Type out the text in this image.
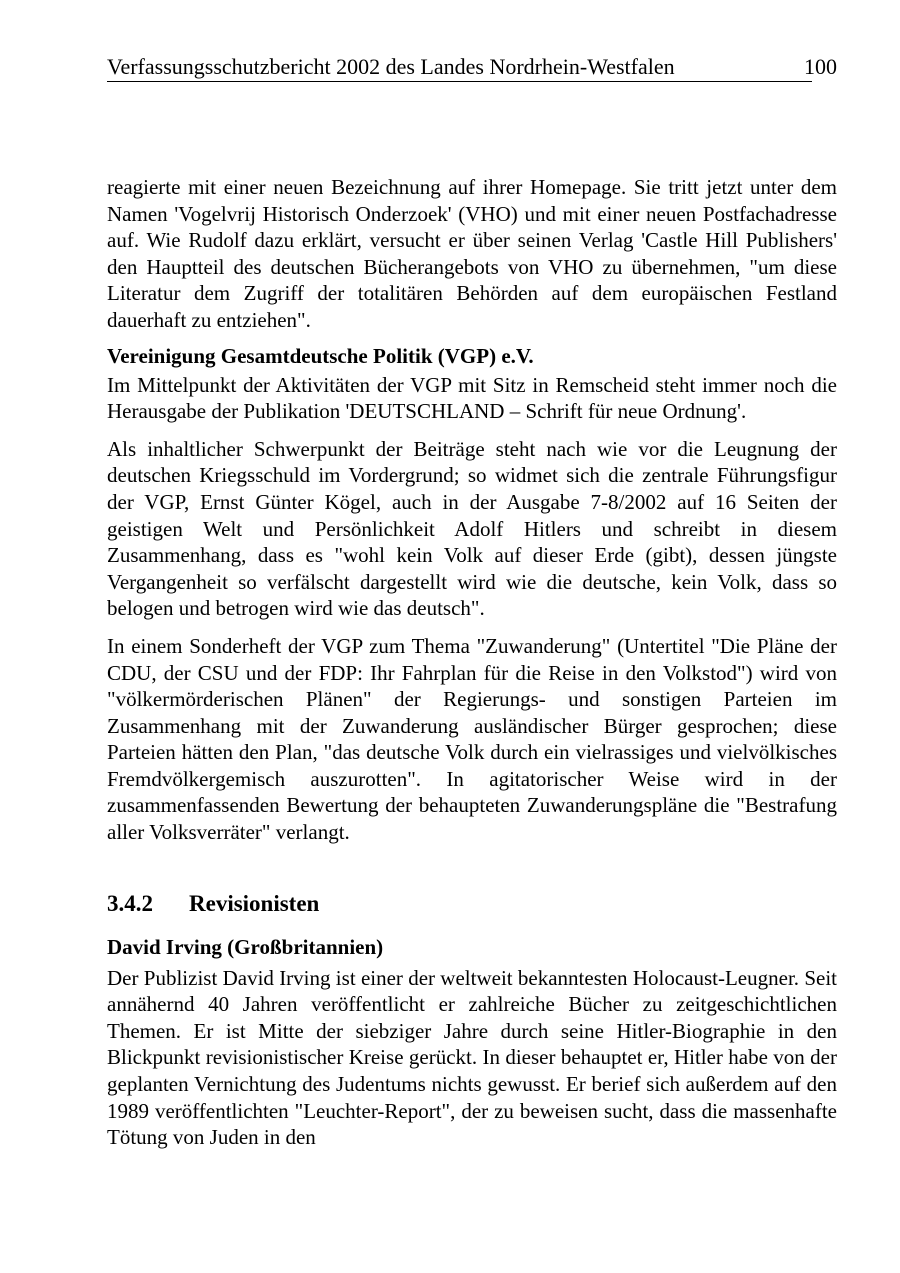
Verfassungsschutzbericht 2002 des Landes Nordrhein-Westfalen	100

reagierte mit einer neuen Bezeichnung auf ihrer Homepage. Sie tritt jetzt unter dem Namen 'Vogelvrij Historisch Onderzoek' (VHO) und mit einer neuen Postfachadresse auf. Wie Rudolf dazu erklärt, versucht er über seinen Verlag 'Castle Hill Publishers' den Hauptteil des deutschen Bücherangebots von VHO zu übernehmen, "um diese Literatur dem Zugriff der totalitären Behörden auf dem europäischen Festland dauerhaft zu entziehen".

Vereinigung Gesamtdeutsche Politik (VGP) e.V.

Im Mittelpunkt der Aktivitäten der VGP mit Sitz in Remscheid steht immer noch die Herausgabe der Publikation 'DEUTSCHLAND – Schrift für neue Ordnung'.

Als inhaltlicher Schwerpunkt der Beiträge steht nach wie vor die Leugnung der deutschen Kriegsschuld im Vordergrund; so widmet sich die zentrale Führungsfigur der VGP, Ernst Günter Kögel, auch in der Ausgabe 7-8/2002 auf 16 Seiten der geistigen Welt und Persönlichkeit Adolf Hitlers und schreibt in diesem Zusammenhang, dass es "wohl kein Volk auf dieser Erde (gibt), dessen jüngste Vergangenheit so verfälscht dargestellt wird wie die deutsche, kein Volk, dass so belogen und betrogen wird wie das deutsch".

In einem Sonderheft der VGP zum Thema "Zuwanderung" (Untertitel "Die Pläne der CDU, der CSU und der FDP: Ihr Fahrplan für die Reise in den Volkstod") wird von "völkermörderischen Plänen" der Regierungs- und sonstigen Parteien im Zusammenhang mit der Zuwanderung ausländischer Bürger gesprochen; diese Parteien hätten den Plan, "das deutsche Volk durch ein vielrassiges und vielvölkisches Fremdvölkergemisch auszurotten". In agitatorischer Weise wird in der zusammenfassenden Bewertung der behaupteten Zuwanderungspläne die "Bestrafung aller Volksverräter" verlangt.

3.4.2 Revisionisten
David Irving (Großbritannien)

Der Publizist David Irving ist einer der weltweit bekanntesten Holocaust-Leugner. Seit annähernd 40 Jahren veröffentlicht er zahlreiche Bücher zu zeitgeschichtlichen Themen. Er ist Mitte der siebziger Jahre durch seine Hitler-Biographie in den Blickpunkt revisionistischer Kreise gerückt. In dieser behauptet er, Hitler habe von der geplanten Vernichtung des Judentums nichts gewusst. Er berief sich außerdem auf den 1989 veröffentlichten "Leuchter-Report", der zu beweisen sucht, dass die massenhafte Tötung von Juden in den
